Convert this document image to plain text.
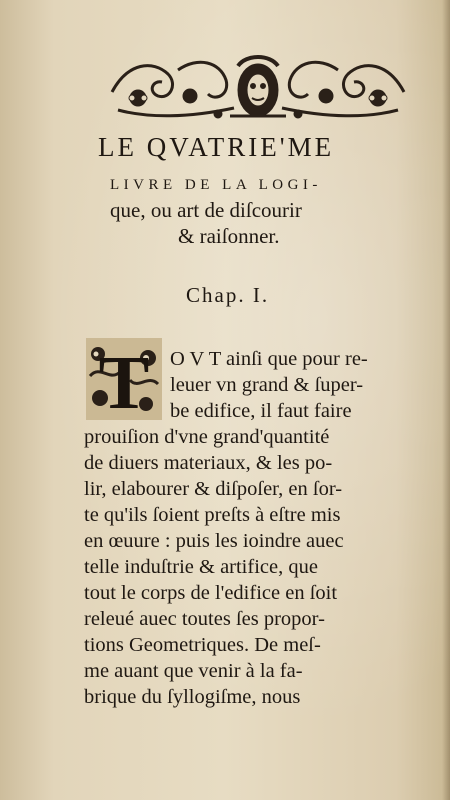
LE QVATRIE'ME
LIVRE DE LA LOGI-
que, ou art de diſcourir
& raiſonner.
Chap. I.
T O V T ainſi que pour re-
leuer vn grand & ſuper-
be edifice, il faut faire
prouiſion d'vne grand'quantité
de diuers materiaux, & les po-
lir, elabourer & diſpoſer, en ſor-
te qu'ils ſoient preſts à eſtre mis
en œuure : puis les ioindre auec
telle induſtrie & artifice, que
tout le corps de l'edifice en ſoit
releué auec toutes ſes propor-
tions Geometriques. De meſ-
me auant que venir à la fa-
brique du ſyllogiſme, nous
